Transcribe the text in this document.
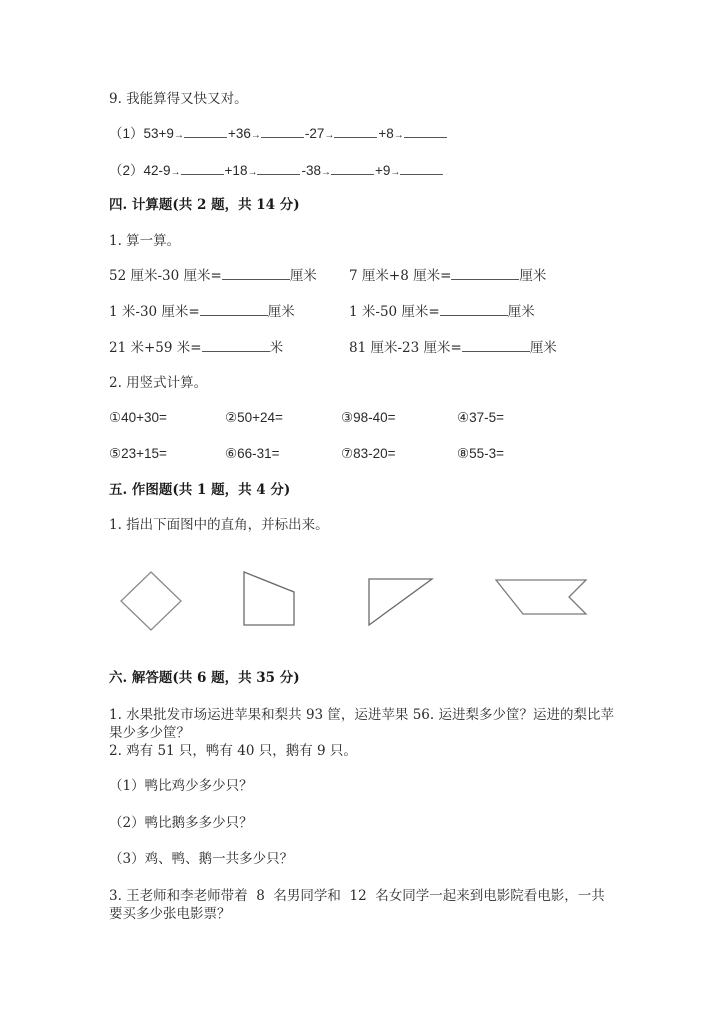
9. 我能算得又快又对。
（1）53+9→	+36→	-27→	+8→
（2）42-9→	+18→	-38→	+9→
四. 计算题(共 2 题，共 14 分)
1. 算一算。
52 厘米-30 厘米=	厘米 7 厘米+8 厘米=	厘米
1 米-30 厘米=	厘米	1 米-50 厘米=	厘米
21 米+59 米=	米	81 厘米-23 厘米=	厘米
2. 用竖式计算。
①40+30=	②50+24=	③98-40=	④37-5=
⑤23+15=	⑥66-31=	⑦83-20=	⑧55-3=
五. 作图题(共 1 题，共 4 分)
1. 指出下面图中的直角，并标出来。
六. 解答题(共 6 题，共 35 分)
1. 水果批发市场运进苹果和梨共 93 筐，运进苹果 56. 运进梨多少筐？运进的梨比苹果少多少筐？
2. 鸡有 51 只，鸭有 40 只，鹅有 9 只。
（1）鸭比鸡少多少只？
（2）鸭比鹅多多少只？
（3）鸡、鸭、鹅一共多少只？
3. 王老师和李老师带着  8  名男同学和  12  名女同学一起来到电影院看电影，一共要买多少张电影票？
